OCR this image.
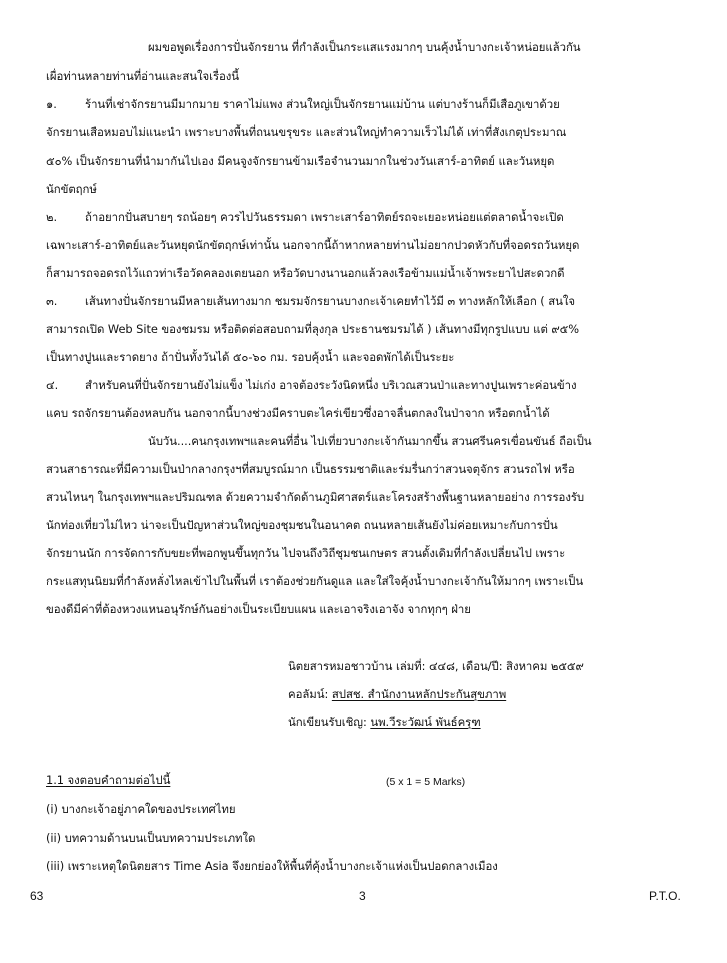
ผมขอพูดเรื่องการปั่นจักรยาน ที่กำลังเป็นกระแสแรงมากๆ บนคุ้งน้ำบางกะเจ้าหน่อยแล้วกัน
เผื่อท่านหลายท่านที่อ่านและสนใจเรื่องนี้
๑. ร้านที่เช่าจักรยานมีมากมาย ราคาไม่แพง ส่วนใหญ่เป็นจักรยานแม่บ้าน แต่บางร้านก็มีเสือภูเขาด้วย
จักรยานเสือหมอบไม่แนะนำ เพราะบางพื้นที่ถนนขรุขระ และส่วนใหญ่ทำความเร็วไม่ได้ เท่าที่สังเกตุประมาณ
๕๐% เป็นจักรยานที่นำมากันไปเอง มีคนจูงจักรยานข้ามเรือจำนวนมากในช่วงวันเสาร์-อาทิตย์ และวันหยุด
นักขัตฤกษ์
๒. ถ้าอยากปั่นสบายๆ รถน้อยๆ ควรไปวันธรรมดา เพราะเสาร์อาทิตย์รถจะเยอะหน่อยแต่ตลาดน้ำจะเปิด
เฉพาะเสาร์-อาทิตย์และวันหยุดนักขัตฤกษ์เท่านั้น นอกจากนี้ถ้าหากหลายท่านไม่อยากปวดหัวกับที่จอดรถวันหยุด
ก็สามารถจอดรถไว้แถวท่าเรือวัดคลองเตยนอก หรือวัดบางนานอกแล้วลงเรือข้ามแม่น้ำเจ้าพระยาไปสะดวกดี
๓. เส้นทางปั่นจักรยานมีหลายเส้นทางมาก ชมรมจักรยานบางกะเจ้าเคยทำไว้มี ๓ ทางหลักให้เลือก ( สนใจ
สามารถเปิด Web Site ของชมรม หรือติดต่อสอบถามที่ลุงกุล ประธานชมรมได้ ) เส้นทางมีทุกรูปแบบ แต่ ๙๕%
เป็นทางปูนและราดยาง ถ้าปั่นทั้งวันได้ ๕๐-๖๐ กม. รอบคุ้งน้ำ และจอดพักได้เป็นระยะ
๔. สำหรับคนที่ปั่นจักรยานยังไม่แข็ง ไม่เก่ง อาจต้องระวังนิดหนึ่ง บริเวณสวนป่าและทางปูนเพราะค่อนข้าง
แคบ รถจักรยานต้องหลบกัน นอกจากนี้บางช่วงมีคราบตะไคร่เขียวซึ่งอาจลื่นตกลงในป่าจาก หรือตกน้ำได้
นับวัน....คนกรุงเทพฯและคนที่อื่น ไปเที่ยวบางกะเจ้ากันมากขึ้น สวนศรีนครเขื่อนขันธ์ ถือเป็น
สวนสาธารณะที่มีความเป็นป่ากลางกรุงฯที่สมบูรณ์มาก เป็นธรรมชาติและร่มรื่นกว่าสวนจตุจักร สวนรถไฟ หรือ
สวนไหนๆ ในกรุงเทพฯและปริมณฑล ด้วยความจำกัดด้านภูมิศาสตร์และโครงสร้างพื้นฐานหลายอย่าง การรองรับ
นักท่องเที่ยวไม่ไหว น่าจะเป็นปัญหาส่วนใหญ่ของชุมชนในอนาคต ถนนหลายเส้นยังไม่ค่อยเหมาะกับการปั่น
จักรยานนัก การจัดการกับขยะที่พอกพูนขึ้นทุกวัน ไปจนถึงวิถีชุมชนเกษตร สวนดั้งเดิมที่กำลังเปลี่ยนไป เพราะ
กระแสทุนนิยมที่กำลังหลั่งไหลเข้าไปในพื้นที่ เราต้องช่วยกันดูแล และใส่ใจคุ้งน้ำบางกะเจ้ากันให้มากๆ เพราะเป็น
ของดีมีค่าที่ต้องหวงแหนอนุรักษ์กันอย่างเป็นระเบียบแผน และเอาจริงเอาจัง จากทุกๆ ฝ่าย
นิตยสารหมอชาวบ้าน เล่มที่: ๔๔๘, เดือน/ปี: สิงหาคม ๒๕๕๙
คอลัมน์: สปสช. สำนักงานหลักประกันสุขภาพ
นักเขียนรับเชิญ: นพ.วีระวัฒน์ พันธ์ครุฑ
1.1 จงตอบคำถามต่อไปนี้	(5 x 1 = 5 Marks)
(i) บางกะเจ้าอยู่ภาคใดของประเทศไทย
(ii) บทความด้านบนเป็นบทความประเภทใด
(iii) เพราะเหตุใดนิตยสาร Time Asia จึงยกย่องให้พื้นที่คุ้งน้ำบางกะเจ้าแห่งเป็นปอดกลางเมือง
63	3	P.T.O.
